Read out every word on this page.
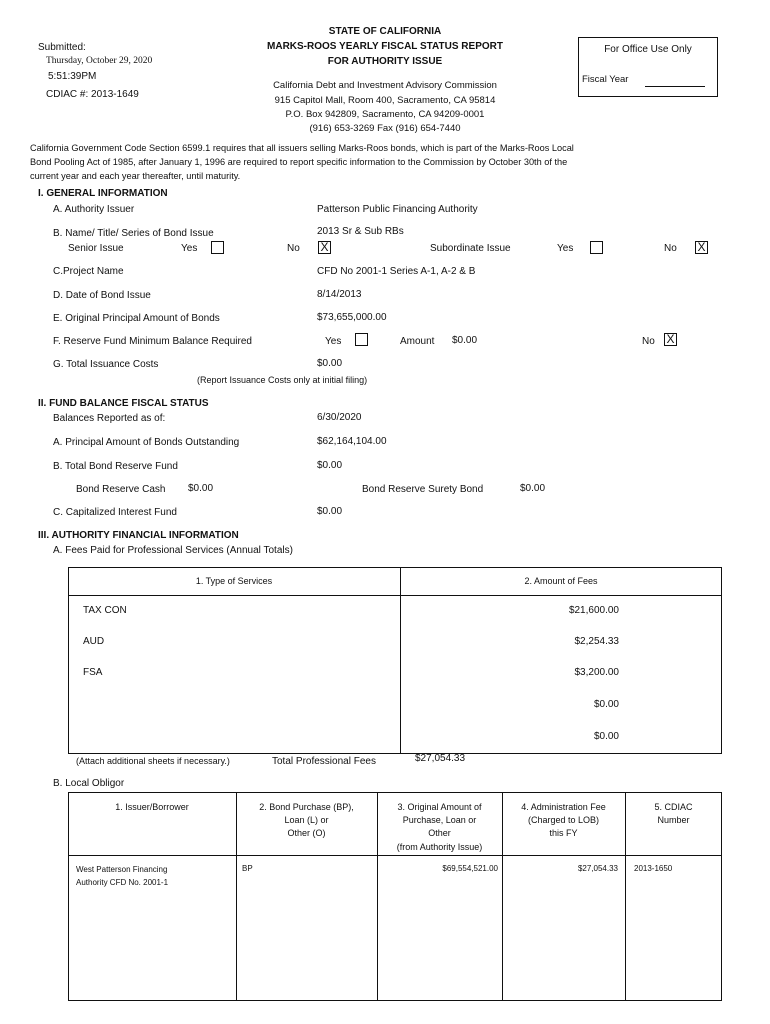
Submitted:
Thursday, October 29, 2020
5:51:39PM
CDIAC #: 2013-1649
STATE OF CALIFORNIA
MARKS-ROOS YEARLY FISCAL STATUS REPORT
FOR AUTHORITY ISSUE
California Debt and Investment Advisory Commission
915 Capitol Mall, Room 400, Sacramento, CA 95814
P.O. Box 942809, Sacramento, CA 94209-0001
(916) 653-3269 Fax (916) 654-7440
For Office Use Only
Fiscal Year
California Government Code Section 6599.1 requires that all issuers selling Marks-Roos bonds, which is part of the Marks-Roos Local
Bond Pooling Act of 1985, after January 1, 1996 are required to report specific information to the Commission by October 30th of the
current year and each year thereafter, until maturity.
I. GENERAL INFORMATION
A. Authority Issuer	Patterson Public Financing Authority
B. Name/ Title/ Series of Bond Issue	2013 Sr & Sub RBs
Senior Issue	Yes	No X	Subordinate Issue	Yes	No X
C.Project Name	CFD No 2001-1 Series A-1, A-2 & B
D. Date of Bond Issue	8/14/2013
E. Original Principal Amount of Bonds	$73,655,000.00
F. Reserve Fund Minimum Balance Required	Yes	Amount $0.00	No X
G. Total Issuance Costs	$0.00
(Report Issuance Costs only at initial filing)
II. FUND BALANCE FISCAL STATUS
Balances Reported as of:	6/30/2020
A. Principal Amount of Bonds Outstanding	$62,164,104.00
B. Total Bond Reserve Fund	$0.00
Bond Reserve Cash $0.00	Bond Reserve Surety Bond	$0.00
C. Capitalized Interest Fund	$0.00
III. AUTHORITY FINANCIAL INFORMATION
A. Fees Paid for Professional Services (Annual Totals)
1. Type of Services	2. Amount of Fees
TAX CON	$21,600.00
AUD	$2,254.33
FSA	$3,200.00
$0.00
$0.00
(Attach additional sheets if necessary.)	Total Professional Fees	$27,054.33
B. Local Obligor
1. Issuer/Borrower	2. Bond Purchase (BP),
Loan (L) or
Other (O)
3. Original Amount of
Purchase, Loan or
Other
(from Authority Issue)
4. Administration Fee
(Charged to LOB)
this FY
5. CDIAC
Number
West Patterson Financing
Authority CFD No. 2001-1
BP	$69,554,521.00	$27,054.33 2013-1650
